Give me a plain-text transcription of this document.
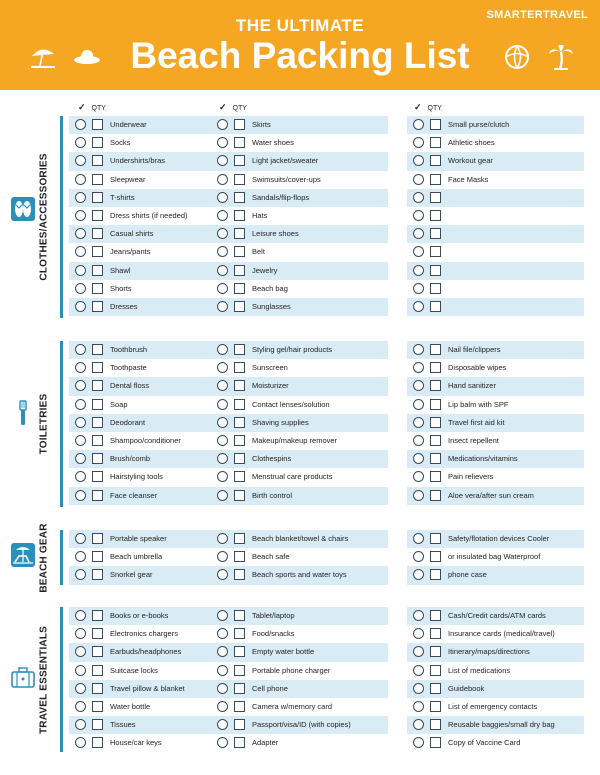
THE ULTIMATE
Beach Packing List
SMARTERTRAVEL
✓ QTY	✓ QTY	✓ QTY
CLOTHES/ACCESSORIES
Underwear
Socks
Undershirts/bras
Sleepwear
T-shirts
Dress shirts (if needed)
Casual shirts
Jeans/pants
Shawl
Shorts
Dresses
Skirts
Water shoes
Light jacket/sweater
Swimsuits/cover-ups
Sandals/flip-flops
Hats
Leisure shoes
Belt
Jewelry
Beach bag
Sunglasses
Small purse/clutch
Athletic shoes
Workout gear
Face Masks
TOILETRIES
Toothbrush
Toothpaste
Dental floss
Soap
Deodorant
Shampoo/conditioner
Brush/comb
Hairstyling tools
Face cleanser
Styling gel/hair products
Sunscreen
Moisturizer
Contact lenses/solution
Shaving supplies
Makeup/makeup remover
Clothespins
Menstrual care products
Birth control
Nail file/clippers
Disposable wipes
Hand sanitizer
Lip balm with SPF
Travel first aid kit
Insect repellent
Medications/vitamins
Pain relievers
Aloe vera/after sun cream
BEACH GEAR	Portable speaker
Beach umbrella
Snorkel gear
Beach blanket/towel & chairs
Beach safe
Beach sports and water toys
Safety/flotation devices Cooler
or insulated bag Waterproof
phone case
TRAVEL ESSENTIALS
Books or e-books
Electronics chargers
Earbuds/headphones
Suitcase locks
Travel pillow & blanket
Water bottle
Tissues
House/car keys
Tablet/laptop
Food/snacks
Empty water bottle
Portable phone charger
Cell phone
Camera w/memory card
Passport/visa/ID (with copies)
Adapter
Cash/Credit cards/ATM cards
Insurance cards (medical/travel)
Itinerary/maps/directions
List of medications
Guidebook
List of emergency contacts
Reusable baggies/small dry bag
Copy of Vaccine Card
